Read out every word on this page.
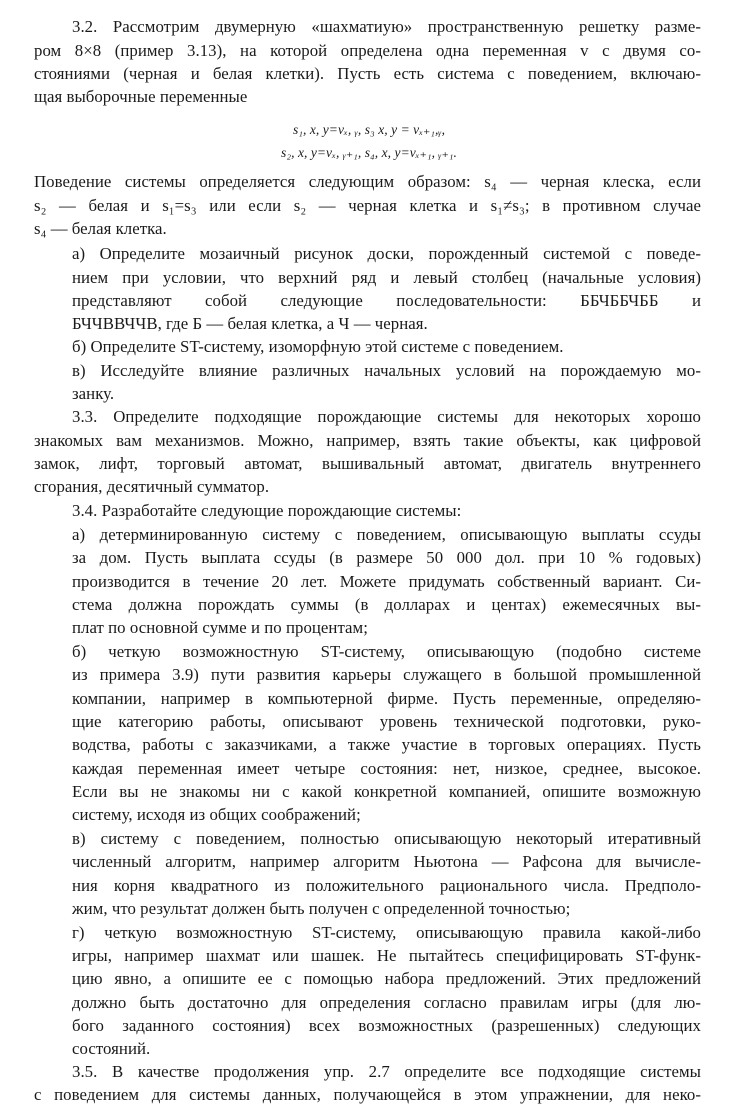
3.2. Рассмотрим двумерную «шахматиую» пространственную решетку разме-
ром 8×8 (пример 3.13), на которой определена одна переменная v с двумя со-
стояниями (черная и белая клетки). Пусть есть система с поведением, включаю-
щая выборочные переменные
s₁, x, y=vₓ, ᵧ, s₃ x, y = vₓ₊₁,ᵧ,
s₂, x, y=vₓ, ᵧ₊₁, s₄, x, y=vₓ₊₁, ᵧ₊₁.
Поведение системы определяется следующим образом: s₄ — черная клеска, если
s₂ — белая и s₁=s₃ или если s₂ — черная клетка и s₁≠s₃; в противном случае
s₄ — белая клетка.
а) Определите мозаичный рисунок доски, порожденный системой с поведе-
нием при условии, что верхний ряд и левый столбец (начальные условия)
представляют собой следующие последовательности: ББЧББЧББ и
БЧЧВВЧЧВ, где Б — белая клетка, а Ч — черная.
б) Определите ST-систему, изоморфную этой системе с поведением.
в) Исследуйте влияние различных начальных условий на порождаемую мо-
занку.
3.3. Определите подходящие порождающие системы для некоторых хорошо
знакомых вам механизмов. Можно, например, взять такие объекты, как цифровой
замок, лифт, торговый автомат, вышивальный автомат, двигатель внутреннего
сгорания, десятичный сумматор.
3.4. Разработайте следующие порождающие системы:
а) детерминированную систему с поведением, описывающую выплаты ссуды
за дом. Пусть выплата ссуды (в размере 50 000 дол. при 10 % годовых)
производится в течение 20 лет. Можете придумать собственный вариант. Си-
стема должна порождать суммы (в долларах и центах) ежемесячных вы-
плат по основной сумме и по процентам;
б) четкую возможностную ST-систему, описывающую (подобно системе
из примера 3.9) пути развития карьеры служащего в большой промышленной
компании, например в компьютерной фирме. Пусть переменные, определяю-
щие категорию работы, описывают уровень технической подготовки, руко-
водства, работы с заказчиками, а также участие в торговых операциях. Пусть
каждая переменная имеет четыре состояния: нет, низкое, среднее, высокое.
Если вы не знакомы ни с какой конкретной компанией, опишите возможную
систему, исходя из общих соображений;
в) систему с поведением, полностью описывающую некоторый итеративный
численный алгоритм, например алгоритм Ньютона — Рафсона для вычисле-
ния корня квадратного из положительного рационального числа. Предполо-
жим, что результат должен быть получен с определенной точностью;
г) четкую возможностную ST-систему, описывающую правила какой-либо
игры, например шахмат или шашек. Не пытайтесь специфицировать ST-функ-
цию явно, а опишите ее с помощью набора предложений. Этих предложений
должно быть достаточно для определения согласно правилам игры (для лю-
бого заданного состояния) всех возможностных (разрешенных) следующих
состояний.
3.5. В качестве продолжения упр. 2.7 определите все подходящие системы
с поведением для системы данных, получающейся в этом упражнении, для неко-
